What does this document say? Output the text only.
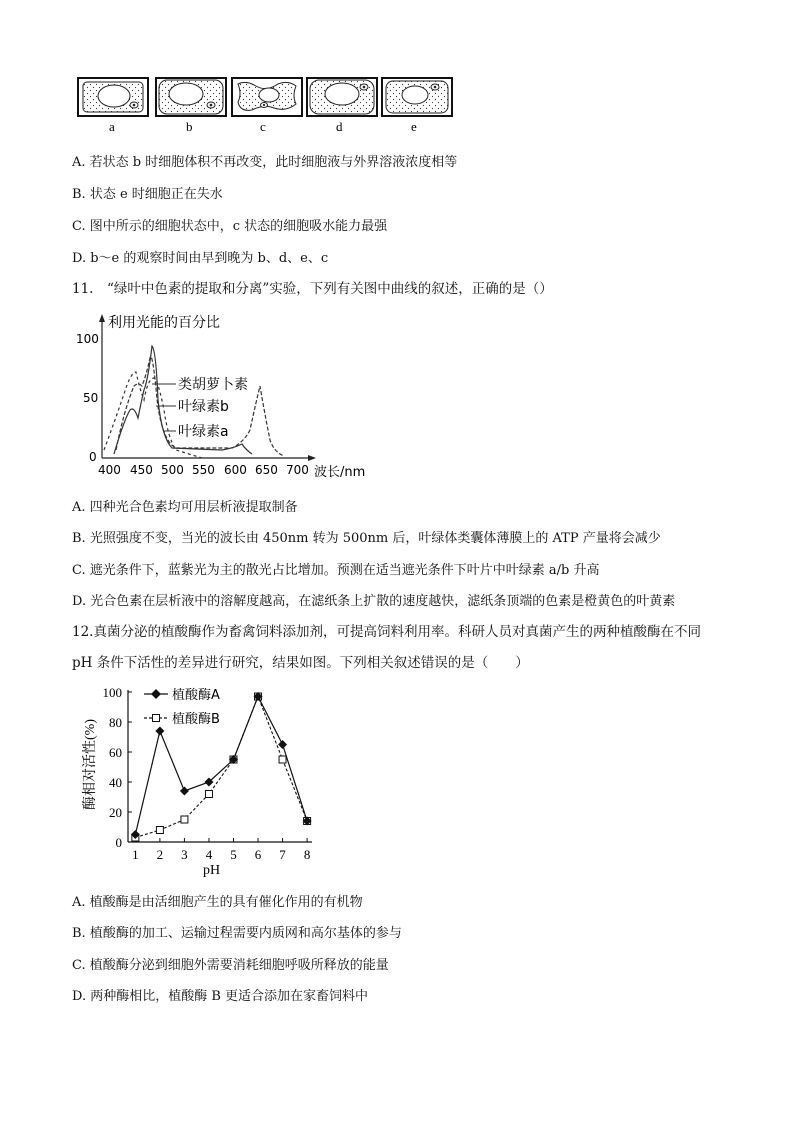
a	b	c	d	e
A. 若状态 b 时细胞体积不再改变，此时细胞液与外界溶液浓度相等
B. 状态 e 时细胞正在失水
C. 图中所示的细胞状态中，c 状态的细胞吸水能力最强
D. b～e 的观察时间由早到晚为 b、d、e、c
11.　“绿叶中色素的提取和分离”实验，下列有关图中曲线的叙述，正确的是（）
利用光能的百分比
波长/nm
100
50
0
400 450 500 550 600 650 700
类胡萝卜素
叶绿素b
叶绿素a
A. 四种光合色素均可用层析液提取制备
B. 光照强度不变，当光的波长由 450nm 转为 500nm 后，叶绿体类囊体薄膜上的 ATP 产量将会减少
C. 遮光条件下，蓝紫光为主的散光占比增加。预测在适当遮光条件下叶片中叶绿素 a/b 升高
D. 光合色素在层析液中的溶解度越高，在滤纸条上扩散的速度越快，滤纸条顶端的色素是橙黄色的叶黄素
12.真菌分泌的植酸酶作为畜禽饲料添加剂，可提高饲料利用率。科研人员对真菌产生的两种植酸酶在不同
pH 条件下活性的差异进行研究，结果如图。下列相关叙述错误的是（　　）
0
20
40
60
80
100
1 2 3 4 5 6 7 8
酶相对活性(%)
pH
植酸酶A
植酸酶B
A. 植酸酶是由活细胞产生的具有催化作用的有机物
B. 植酸酶的加工、运输过程需要内质网和高尔基体的参与
C. 植酸酶分泌到细胞外需要消耗细胞呼吸所释放的能量
D. 两种酶相比，植酸酶 B 更适合添加在家畜饲料中
